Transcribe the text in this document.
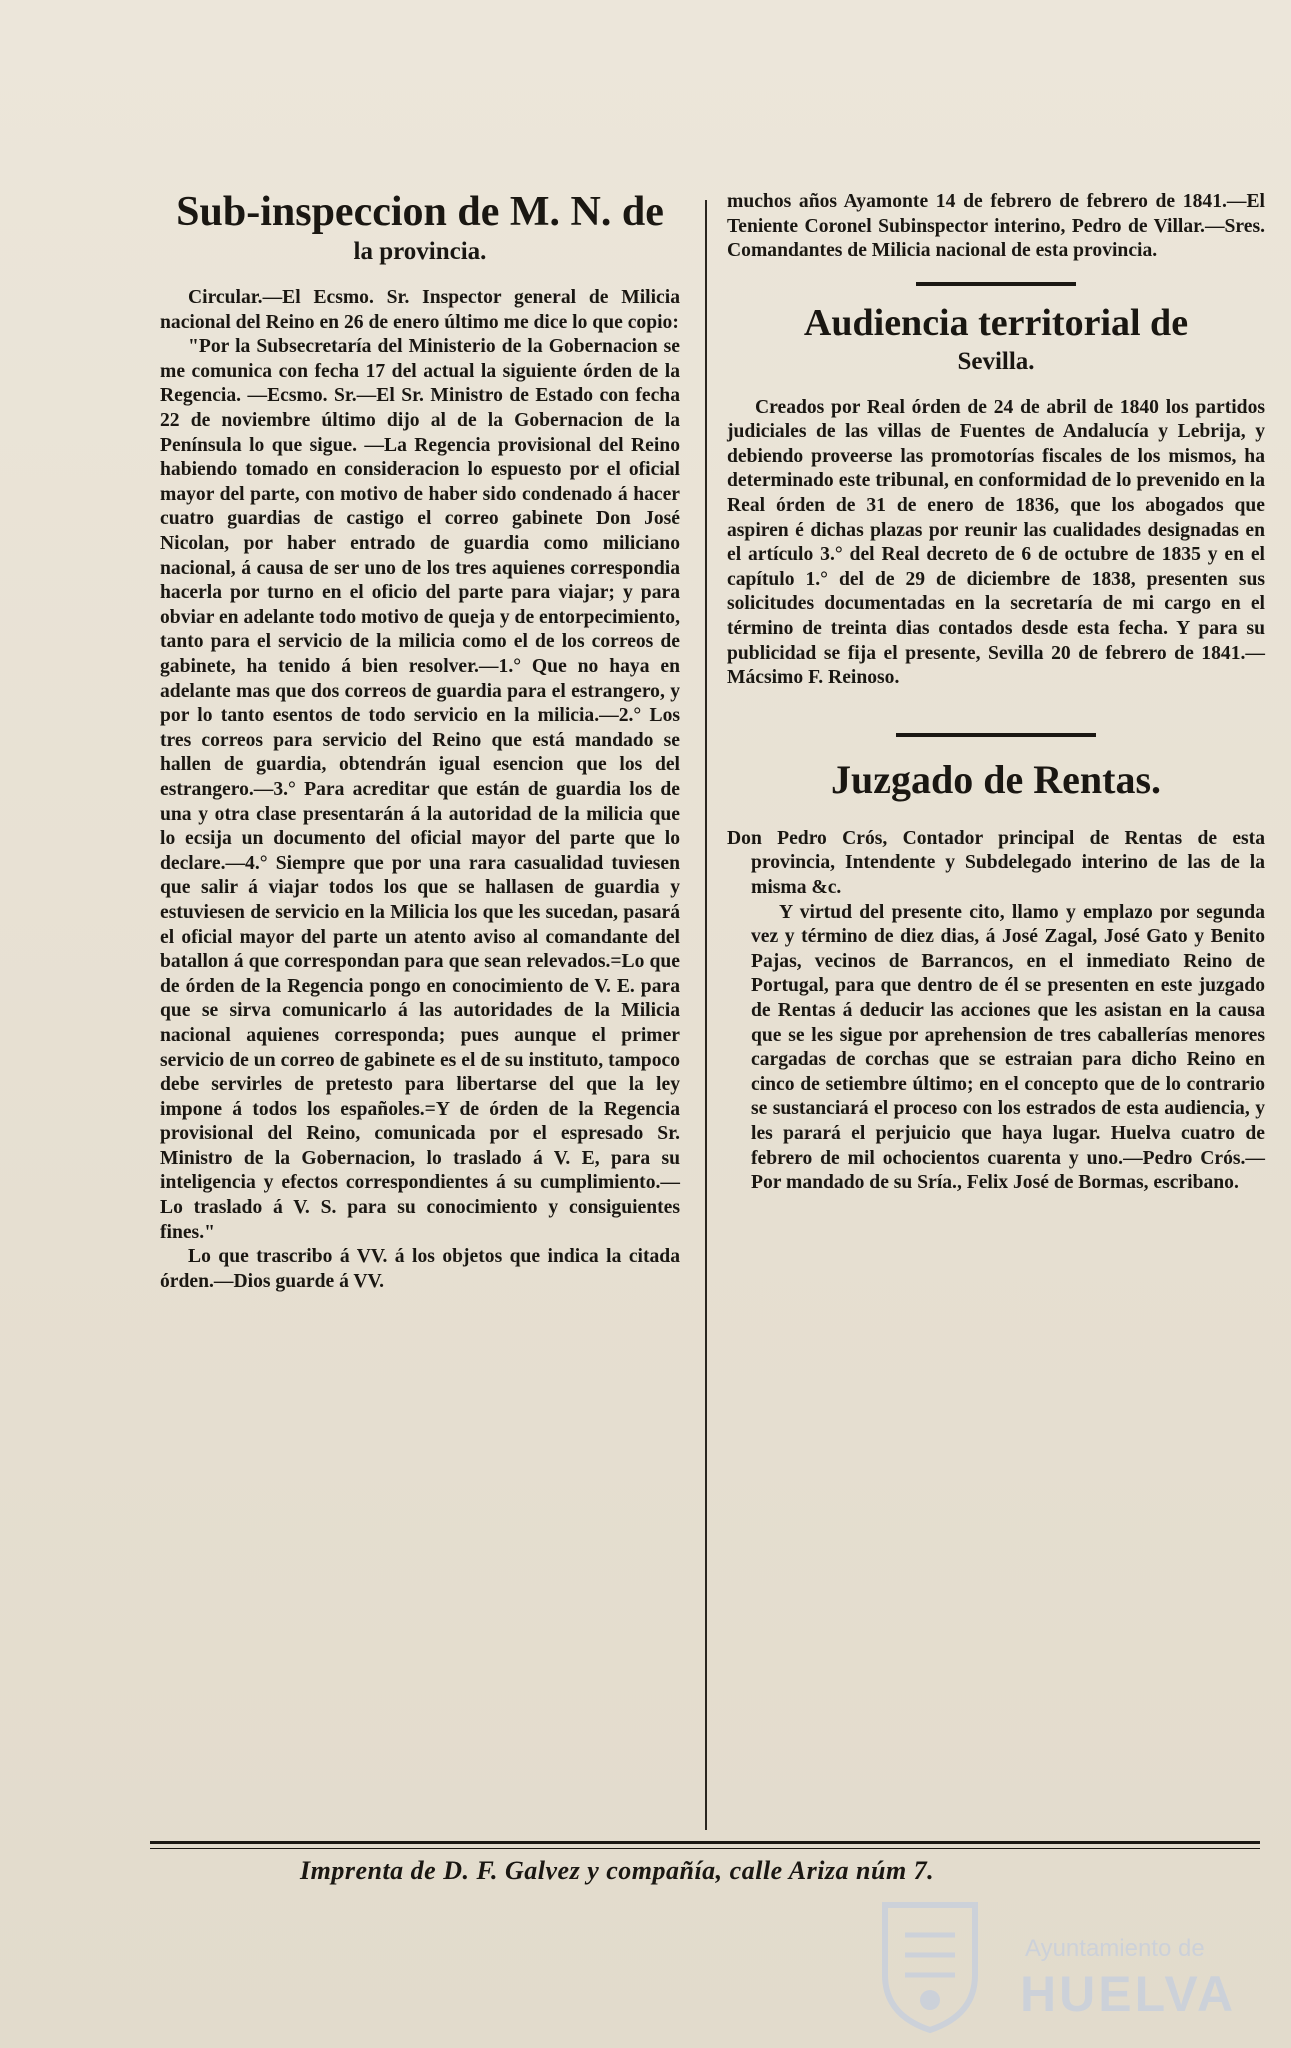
Sub-inspeccion de M. N. de
la provincia.

Circular.—El Ecsmo. Sr. Inspector general de Milicia nacional del Reino en 26 de enero último me dice lo que copio:

"Por la Subsecretaría del Ministerio de la Gobernacion se me comunica con fecha 17 del actual la siguiente órden de la Regencia. —Ecsmo. Sr.—El Sr. Ministro de Estado con fecha 22 de noviembre último dijo al de la Gobernacion de la Península lo que sigue. —La Regencia provisional del Reino habiendo tomado en consideracion lo espuesto por el oficial mayor del parte, con motivo de haber sido condenado á hacer cuatro guardias de castigo el correo gabinete Don José Nicolan, por haber entrado de guardia como miliciano nacional, á causa de ser uno de los tres aquienes correspondia hacerla por turno en el oficio del parte para viajar; y para obviar en adelante todo motivo de queja y de entorpecimiento, tanto para el servicio de la milicia como el de los correos de gabinete, ha tenido á bien resolver.—1.° Que no haya en adelante mas que dos correos de guardia para el estrangero, y por lo tanto esentos de todo servicio en la milicia.—2.° Los tres correos para servicio del Reino que está mandado se hallen de guardia, obtendrán igual esencion que los del estrangero.—3.° Para acreditar que están de guardia los de una y otra clase presentarán á la autoridad de la milicia que lo ecsija un documento del oficial mayor del parte que lo declare.—4.° Siempre que por una rara casualidad tuviesen que salir á viajar todos los que se hallasen de guardia y estuviesen de servicio en la Milicia los que les sucedan, pasará el oficial mayor del parte un atento aviso al comandante del batallon á que correspondan para que sean relevados.=Lo que de órden de la Regencia pongo en conocimiento de V. E. para que se sirva comunicarlo á las autoridades de la Milicia nacional aquienes corresponda; pues aunque el primer servicio de un correo de gabinete es el de su instituto, tampoco debe servirles de pretesto para libertarse del que la ley impone á todos los españoles.=Y de órden de la Regencia provisional del Reino, comunicada por el espresado Sr. Ministro de la Gobernacion, lo traslado á V. E, para su inteligencia y efectos correspondientes á su cumplimiento.—Lo traslado á V. S. para su conocimiento y consiguientes fines."

Lo que trascribo á VV. á los objetos que indica la citada órden.—Dios guarde á VV.

muchos años Ayamonte 14 de febrero de febrero de 1841.—El Teniente Coronel Subinspector interino, Pedro de Villar.—Sres. Comandantes de Milicia nacional de esta provincia.

Audiencia territorial de
Sevilla.

Creados por Real órden de 24 de abril de 1840 los partidos judiciales de las villas de Fuentes de Andalucía y Lebrija, y debiendo proveerse las promotorías fiscales de los mismos, ha determinado este tribunal, en conformidad de lo prevenido en la Real órden de 31 de enero de 1836, que los abogados que aspiren é dichas plazas por reunir las cualidades designadas en el artículo 3.° del Real decreto de 6 de octubre de 1835 y en el capítulo 1.° del de 29 de diciembre de 1838, presenten sus solicitudes documentadas en la secretaría de mi cargo en el término de treinta dias contados desde esta fecha. Y para su publicidad se fija el presente, Sevilla 20 de febrero de 1841.—Mácsimo F. Reinoso.

Juzgado de Rentas.

Don Pedro Crós, Contador principal de Rentas de esta provincia, Intendente y Subdelegado interino de las de la misma &c.

Y virtud del presente cito, llamo y emplazo por segunda vez y término de diez dias, á José Zagal, José Gato y Benito Pajas, vecinos de Barrancos, en el inmediato Reino de Portugal, para que dentro de él se presenten en este juzgado de Rentas á deducir las acciones que les asistan en la causa que se les sigue por aprehension de tres caballerías menores cargadas de corchas que se estraian para dicho Reino en cinco de setiembre último; en el concepto que de lo contrario se sustanciará el proceso con los estrados de esta audiencia, y les parará el perjuicio que haya lugar. Huelva cuatro de febrero de mil ochocientos cuarenta y uno.—Pedro Crós.—Por mandado de su Sría., Felix José de Bormas, escribano.

Imprenta de D. F. Galvez y compañía, calle Ariza núm 7.
Ayuntamiento de
HUELVA
